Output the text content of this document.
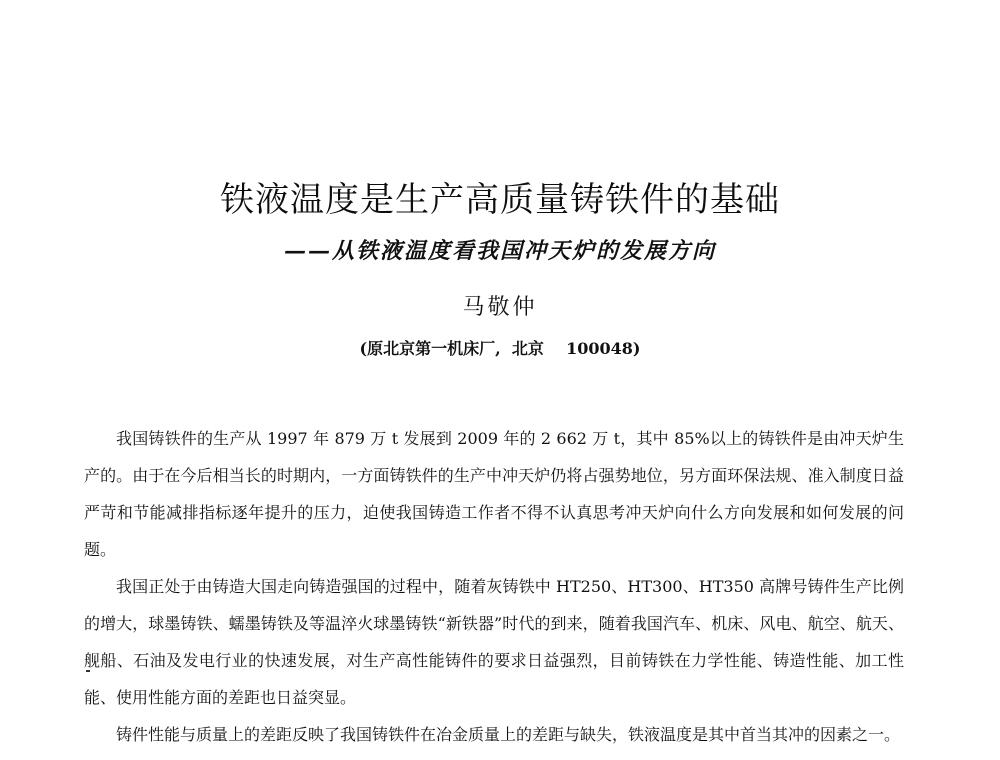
铁液温度是生产高质量铸铁件的基础
——从铁液温度看我国冲天炉的发展方向
马敬仲
(原北京第一机床厂,  北京    100048)

我国铸铁件的生产从 1997 年 879 万 t 发展到 2009 年的 2 662 万 t，其中 85%以上的铸铁件是由冲天炉生产的。由于在今后相当长的时期内，一方面铸铁件的生产中冲天炉仍将占强势地位，另方面环保法规、准入制度日益严苛和节能减排指标逐年提升的压力，迫使我国铸造工作者不得不认真思考冲天炉向什么方向发展和如何发展的问题。

我国正处于由铸造大国走向铸造强国的过程中，随着灰铸铁中 HT250、HT300、HT350 高牌号铸件生产比例的增大，球墨铸铁、蠕墨铸铁及等温淬火球墨铸铁“新铁器”时代的到来，随着我国汽车、机床、风电、航空、航天、舰船、石油及发电行业的快速发展，对生产高性能铸件的要求日益强烈，目前铸铁在力学性能、铸造性能、加工性能、使用性能方面的差距也日益突显。

铸件性能与质量上的差距反映了我国铸铁件在冶金质量上的差距与缺失，铁液温度是其中首当其冲的因素之一。
